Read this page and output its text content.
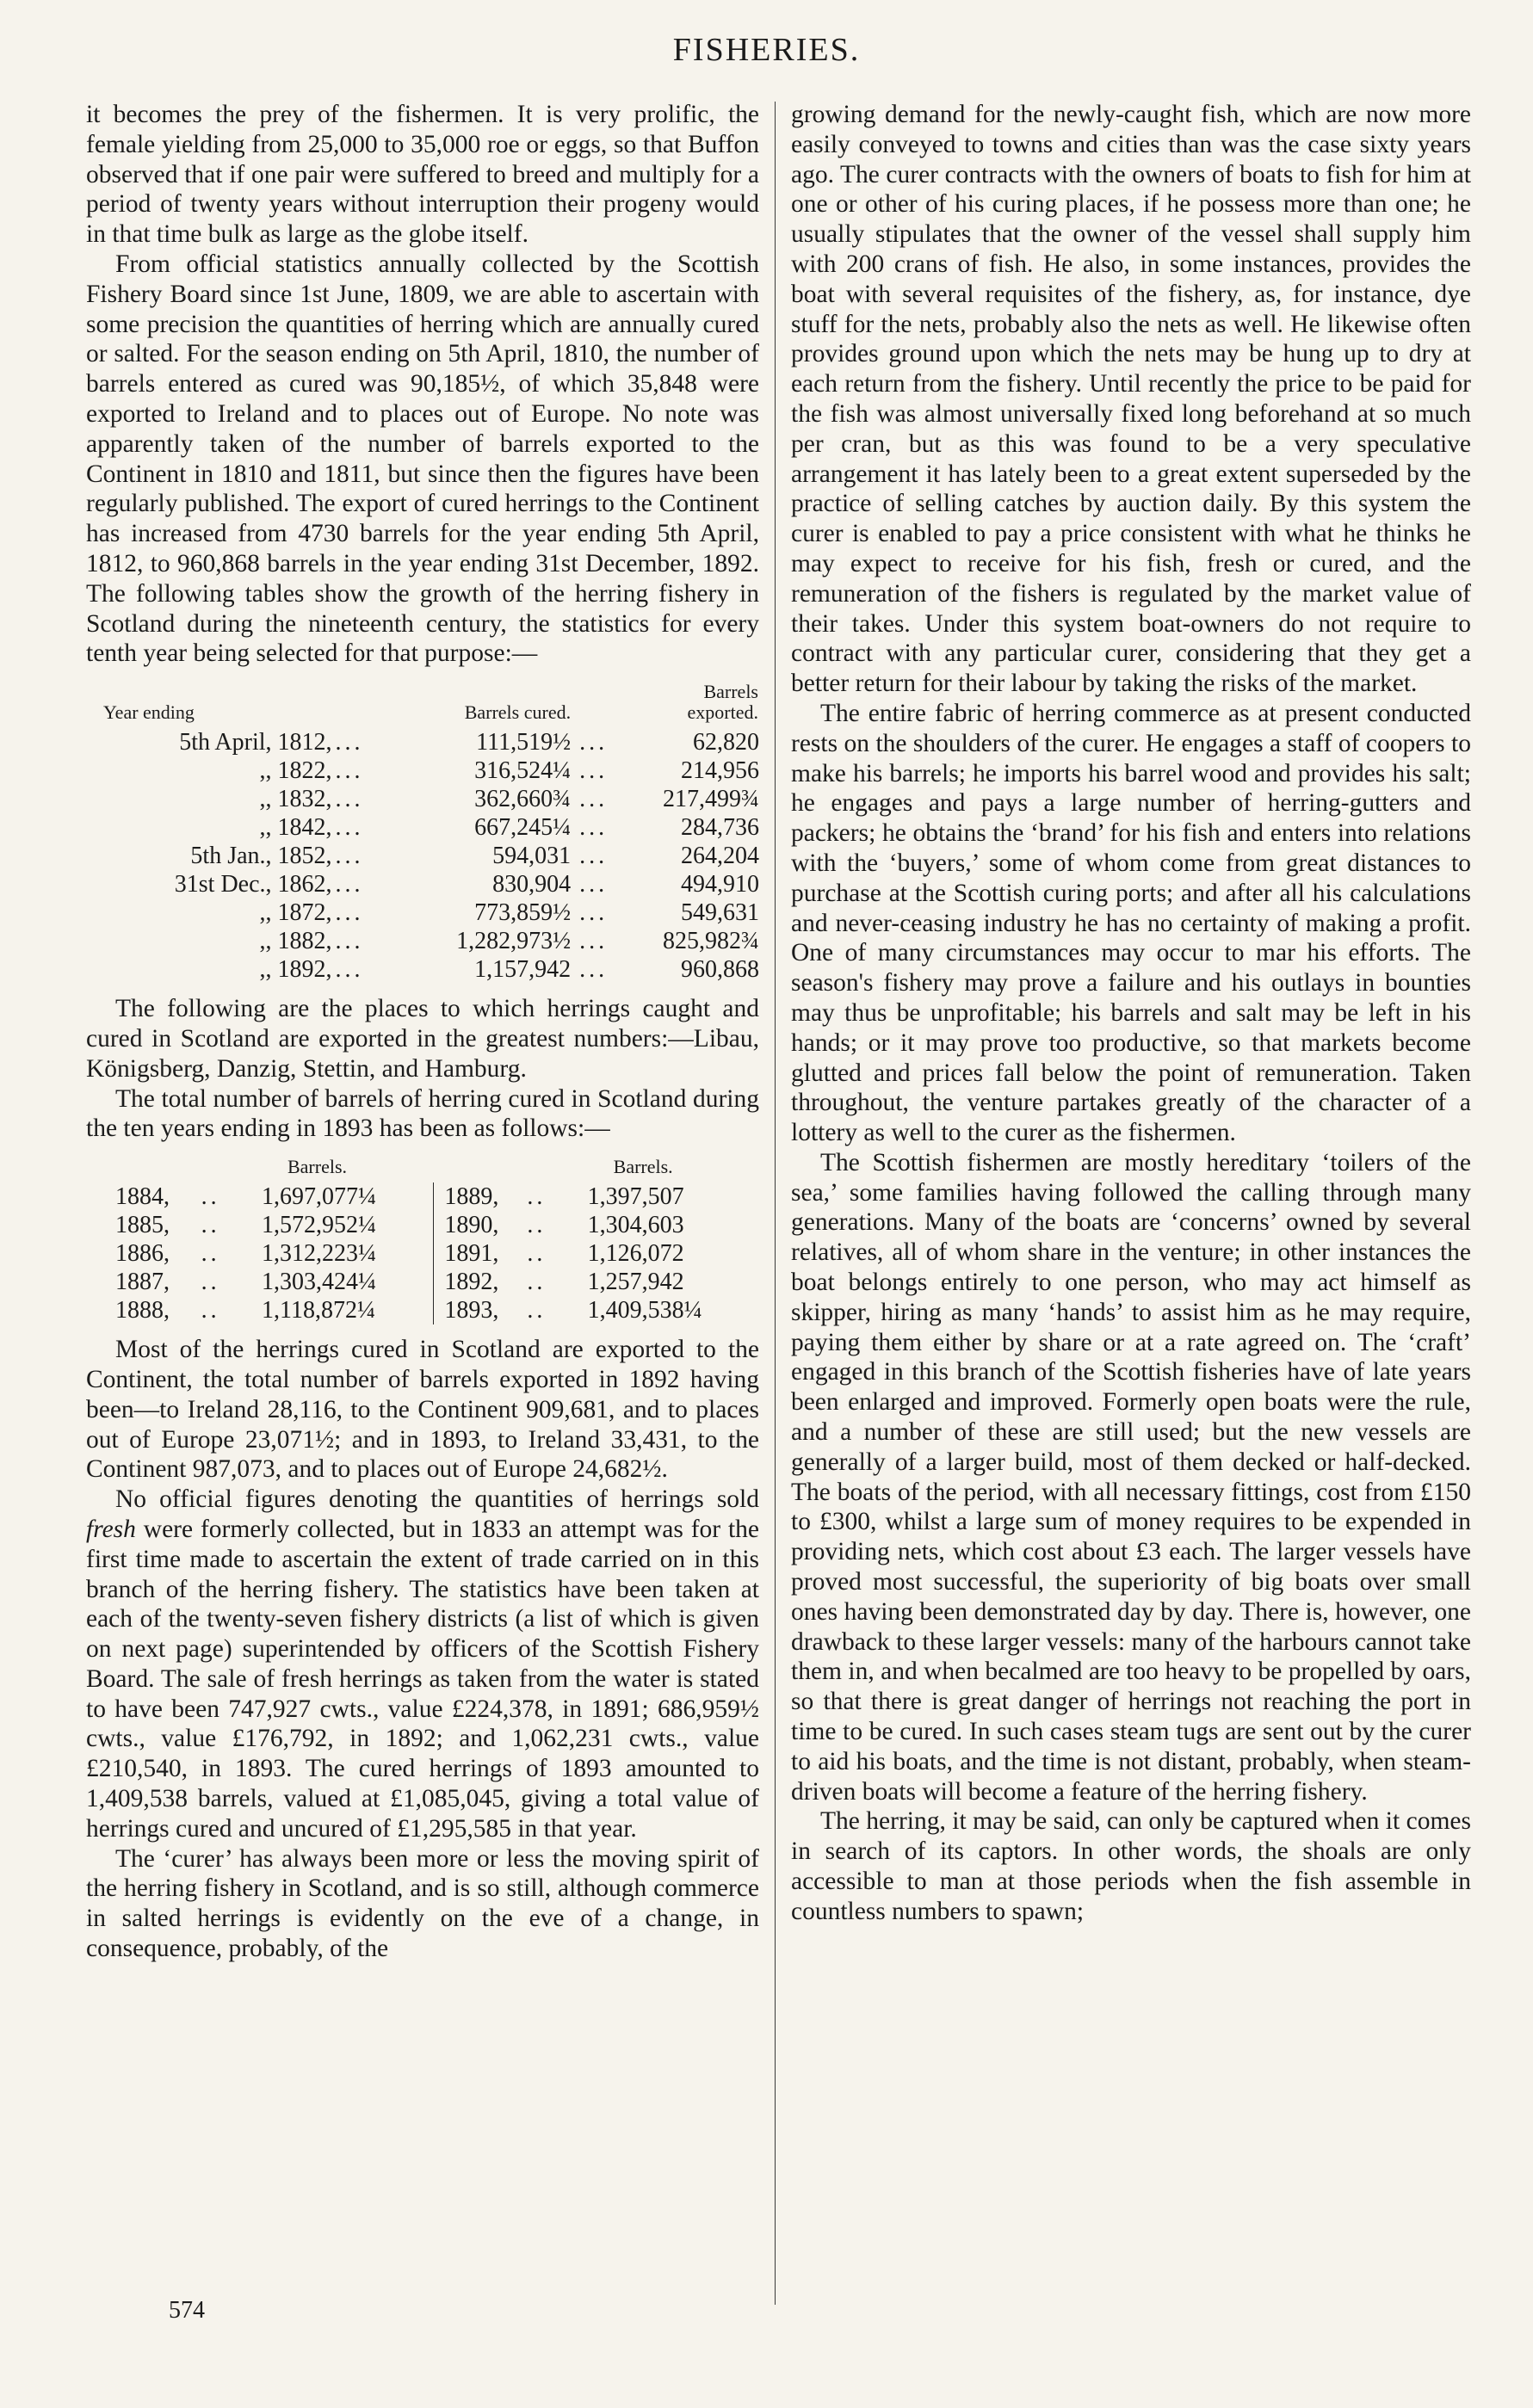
FISHERIES.

it becomes the prey of the fishermen. It is very prolific, the female yielding from 25,000 to 35,000 roe or eggs, so that Buffon observed that if one pair were suffered to breed and multiply for a period of twenty years without interruption their progeny would in that time bulk as large as the globe itself.

From official statistics annually collected by the Scottish Fishery Board since 1st June, 1809, we are able to ascertain with some precision the quantities of herring which are annually cured or salted. For the season ending on 5th April, 1810, the number of barrels entered as cured was 90,185½, of which 35,848 were exported to Ireland and to places out of Europe. No note was apparently taken of the number of barrels exported to the Continent in 1810 and 1811, but since then the figures have been regularly published. The export of cured herrings to the Continent has increased from 4730 barrels for the year ending 5th April, 1812, to 960,868 barrels in the year ending 31st December, 1892. The following tables show the growth of the herring fishery in Scotland during the nineteenth century, the statistics for every tenth year being selected for that purpose:—

Year ending		Barrels cured.		Barrels exported.
5th April, 1812,	...	111,519½	...	62,820
,, 1822,	...	316,524¼	...	214,956
,, 1832,	...	362,660¾	...	217,499¾
,, 1842,	...	667,245¼	...	284,736
5th Jan., 1852,	...	594,031	...	264,204
31st Dec., 1862,	...	830,904	...	494,910
,, 1872,	...	773,859½	...	549,631
,, 1882,	...	1,282,973½	...	825,982¾
,, 1892,	...	1,157,942	...	960,868

The following are the places to which herrings caught and cured in Scotland are exported in the greatest numbers:—Libau, Königsberg, Danzig, Stettin, and Hamburg.

The total number of barrels of herring cured in Scotland during the ten years ending in 1893 has been as follows:—

		Barrels.			Barrels.
1884,	..	1,697,077¼	1889,	..	1,397,507
1885,	..	1,572,952¼	1890,	..	1,304,603
1886,	..	1,312,223¼	1891,	..	1,126,072
1887,	..	1,303,424¼	1892,	..	1,257,942
1888,	..	1,118,872¼	1893,	..	1,409,538¼

Most of the herrings cured in Scotland are exported to the Continent, the total number of barrels exported in 1892 having been—to Ireland 28,116, to the Continent 909,681, and to places out of Europe 23,071½; and in 1893, to Ireland 33,431, to the Continent 987,073, and to places out of Europe 24,682½.

No official figures denoting the quantities of herrings sold fresh were formerly collected, but in 1833 an attempt was for the first time made to ascertain the extent of trade carried on in this branch of the herring fishery. The statistics have been taken at each of the twenty-seven fishery districts (a list of which is given on next page) superintended by officers of the Scottish Fishery Board. The sale of fresh herrings as taken from the water is stated to have been 747,927 cwts., value £224,378, in 1891; 686,959½ cwts., value £176,792, in 1892; and 1,062,231 cwts., value £210,540, in 1893. The cured herrings of 1893 amounted to 1,409,538 barrels, valued at £1,085,045, giving a total value of herrings cured and uncured of £1,295,585 in that year.

The ‘curer’ has always been more or less the moving spirit of the herring fishery in Scotland, and is so still, although commerce in salted herrings is evidently on the eve of a change, in consequence, probably, of the

growing demand for the newly-caught fish, which are now more easily conveyed to towns and cities than was the case sixty years ago. The curer contracts with the owners of boats to fish for him at one or other of his curing places, if he possess more than one; he usually stipulates that the owner of the vessel shall supply him with 200 crans of fish. He also, in some instances, provides the boat with several requisites of the fishery, as, for instance, dye stuff for the nets, probably also the nets as well. He likewise often provides ground upon which the nets may be hung up to dry at each return from the fishery. Until recently the price to be paid for the fish was almost universally fixed long beforehand at so much per cran, but as this was found to be a very speculative arrangement it has lately been to a great extent superseded by the practice of selling catches by auction daily. By this system the curer is enabled to pay a price consistent with what he thinks he may expect to receive for his fish, fresh or cured, and the remuneration of the fishers is regulated by the market value of their takes. Under this system boat-owners do not require to contract with any particular curer, considering that they get a better return for their labour by taking the risks of the market.

The entire fabric of herring commerce as at present conducted rests on the shoulders of the curer. He engages a staff of coopers to make his barrels; he imports his barrel wood and provides his salt; he engages and pays a large number of herring-gutters and packers; he obtains the ‘brand’ for his fish and enters into relations with the ‘buyers,’ some of whom come from great distances to purchase at the Scottish curing ports; and after all his calculations and never-ceasing industry he has no certainty of making a profit. One of many circumstances may occur to mar his efforts. The season's fishery may prove a failure and his outlays in bounties may thus be unprofitable; his barrels and salt may be left in his hands; or it may prove too productive, so that markets become glutted and prices fall below the point of remuneration. Taken throughout, the venture partakes greatly of the character of a lottery as well to the curer as the fishermen.

The Scottish fishermen are mostly hereditary ‘toilers of the sea,’ some families having followed the calling through many generations. Many of the boats are ‘concerns’ owned by several relatives, all of whom share in the venture; in other instances the boat belongs entirely to one person, who may act himself as skipper, hiring as many ‘hands’ to assist him as he may require, paying them either by share or at a rate agreed on. The ‘craft’ engaged in this branch of the Scottish fisheries have of late years been enlarged and improved. Formerly open boats were the rule, and a number of these are still used; but the new vessels are generally of a larger build, most of them decked or half-decked. The boats of the period, with all necessary fittings, cost from £150 to £300, whilst a large sum of money requires to be expended in providing nets, which cost about £3 each. The larger vessels have proved most successful, the superiority of big boats over small ones having been demonstrated day by day. There is, however, one drawback to these larger vessels: many of the harbours cannot take them in, and when becalmed are too heavy to be propelled by oars, so that there is great danger of herrings not reaching the port in time to be cured. In such cases steam tugs are sent out by the curer to aid his boats, and the time is not distant, probably, when steam-driven boats will become a feature of the herring fishery.

The herring, it may be said, can only be captured when it comes in search of its captors. In other words, the shoals are only accessible to man at those periods when the fish assemble in countless numbers to spawn;

574
